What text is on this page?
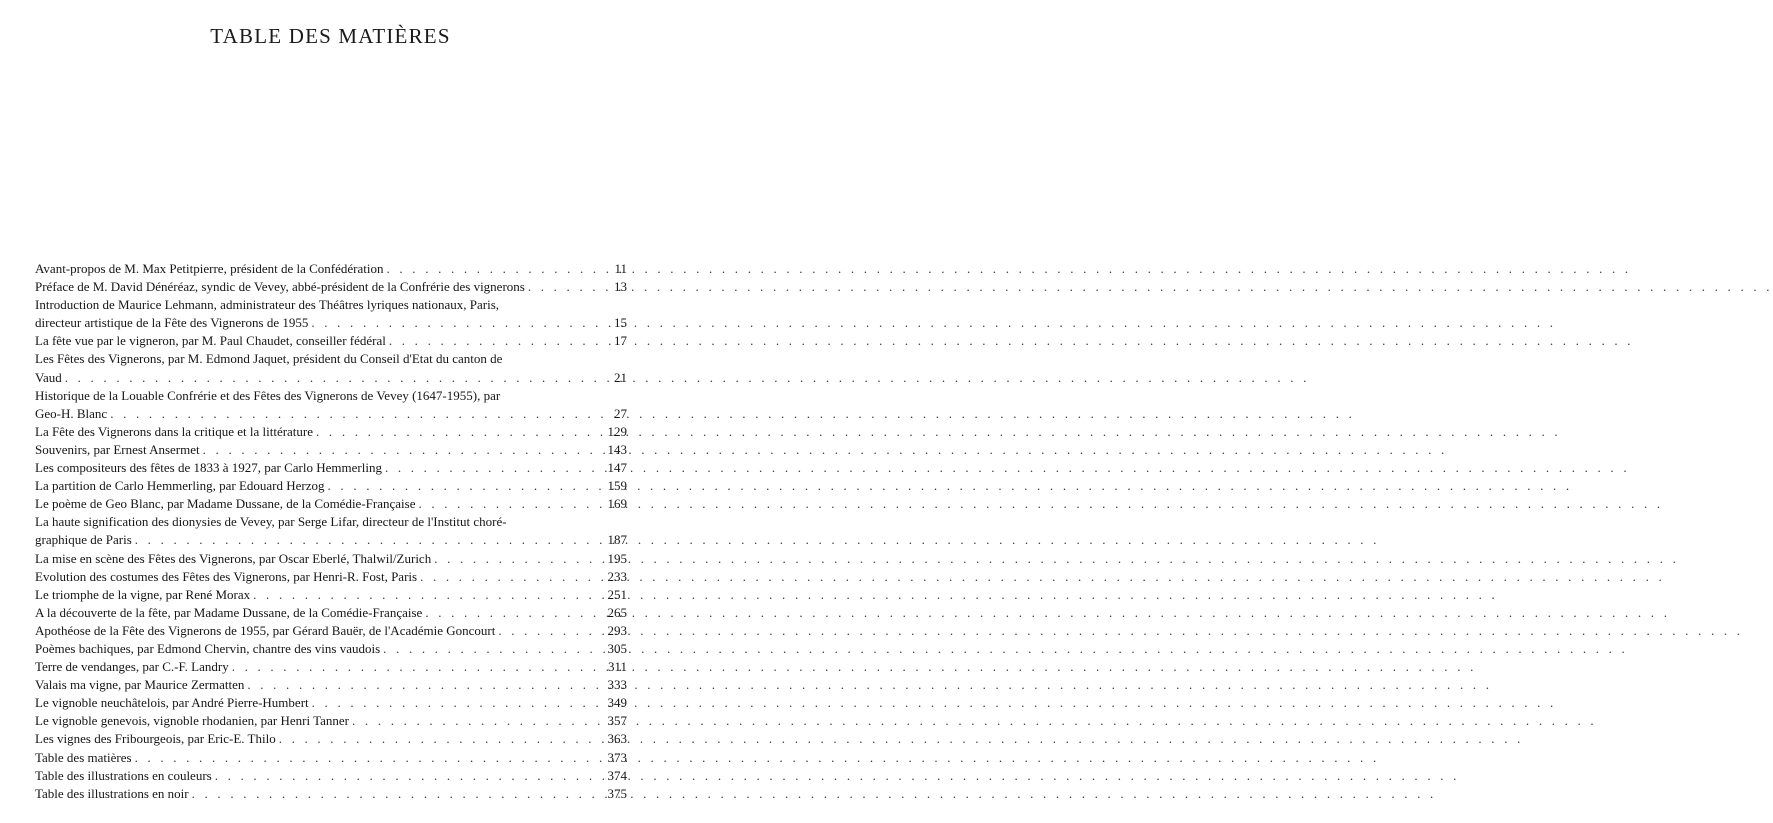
TABLE DES MATIÈRES
Avant-propos de M. Max Petitpierre, président de la Confédération . . .	11
Préface de M. David Dénéréaz, syndic de Vevey, abbé-président de la Confrérie des vignerons . . .	13
Introduction de Maurice Lehmann, administrateur des Théâtres lyriques nationaux, Paris,
directeur artistique de la Fête des Vignerons de 1955 . . .	15
La fête vue par le vigneron, par M. Paul Chaudet, conseiller fédéral . . .	17
Les Fêtes des Vignerons, par M. Edmond Jaquet, président du Conseil d'Etat du canton de
Vaud . . .	21
Historique de la Louable Confrérie et des Fêtes des Vignerons de Vevey (1647-1955), par
Geo-H. Blanc . . .	27
La Fête des Vignerons dans la critique et la littérature . . .	129
Souvenirs, par Ernest Ansermet . . .	143
Les compositeurs des fêtes de 1833 à 1927, par Carlo Hemmerling . . .	147
La partition de Carlo Hemmerling, par Edouard Herzog . . .	159
Le poème de Geo Blanc, par Madame Dussane, de la Comédie-Française . . .	169
La haute signification des dionysies de Vevey, par Serge Lifar, directeur de l'Institut choré-
graphique de Paris . . .	187
La mise en scène des Fêtes des Vignerons, par Oscar Eberlé, Thalwil/Zurich . . .	195
Evolution des costumes des Fêtes des Vignerons, par Henri-R. Fost, Paris . . .	233
Le triomphe de la vigne, par René Morax . . .	251
A la découverte de la fête, par Madame Dussane, de la Comédie-Française . . .	265
Apothéose de la Fête des Vignerons de 1955, par Gérard Bauër, de l'Académie Goncourt . . .	293
Poèmes bachiques, par Edmond Chervin, chantre des vins vaudois . . .	305
Terre de vendanges, par C.-F. Landry . . .	311
Valais ma vigne, par Maurice Zermatten . . .	333
Le vignoble neuchâtelois, par André Pierre-Humbert . . .	349
Le vignoble genevois, vignoble rhodanien, par Henri Tanner . . .	357
Les vignes des Fribourgeois, par Eric-E. Thilo . . .	363
Table des matières . . .	373
Table des illustrations en couleurs . . .	374
Table des illustrations en noir . . .	375
